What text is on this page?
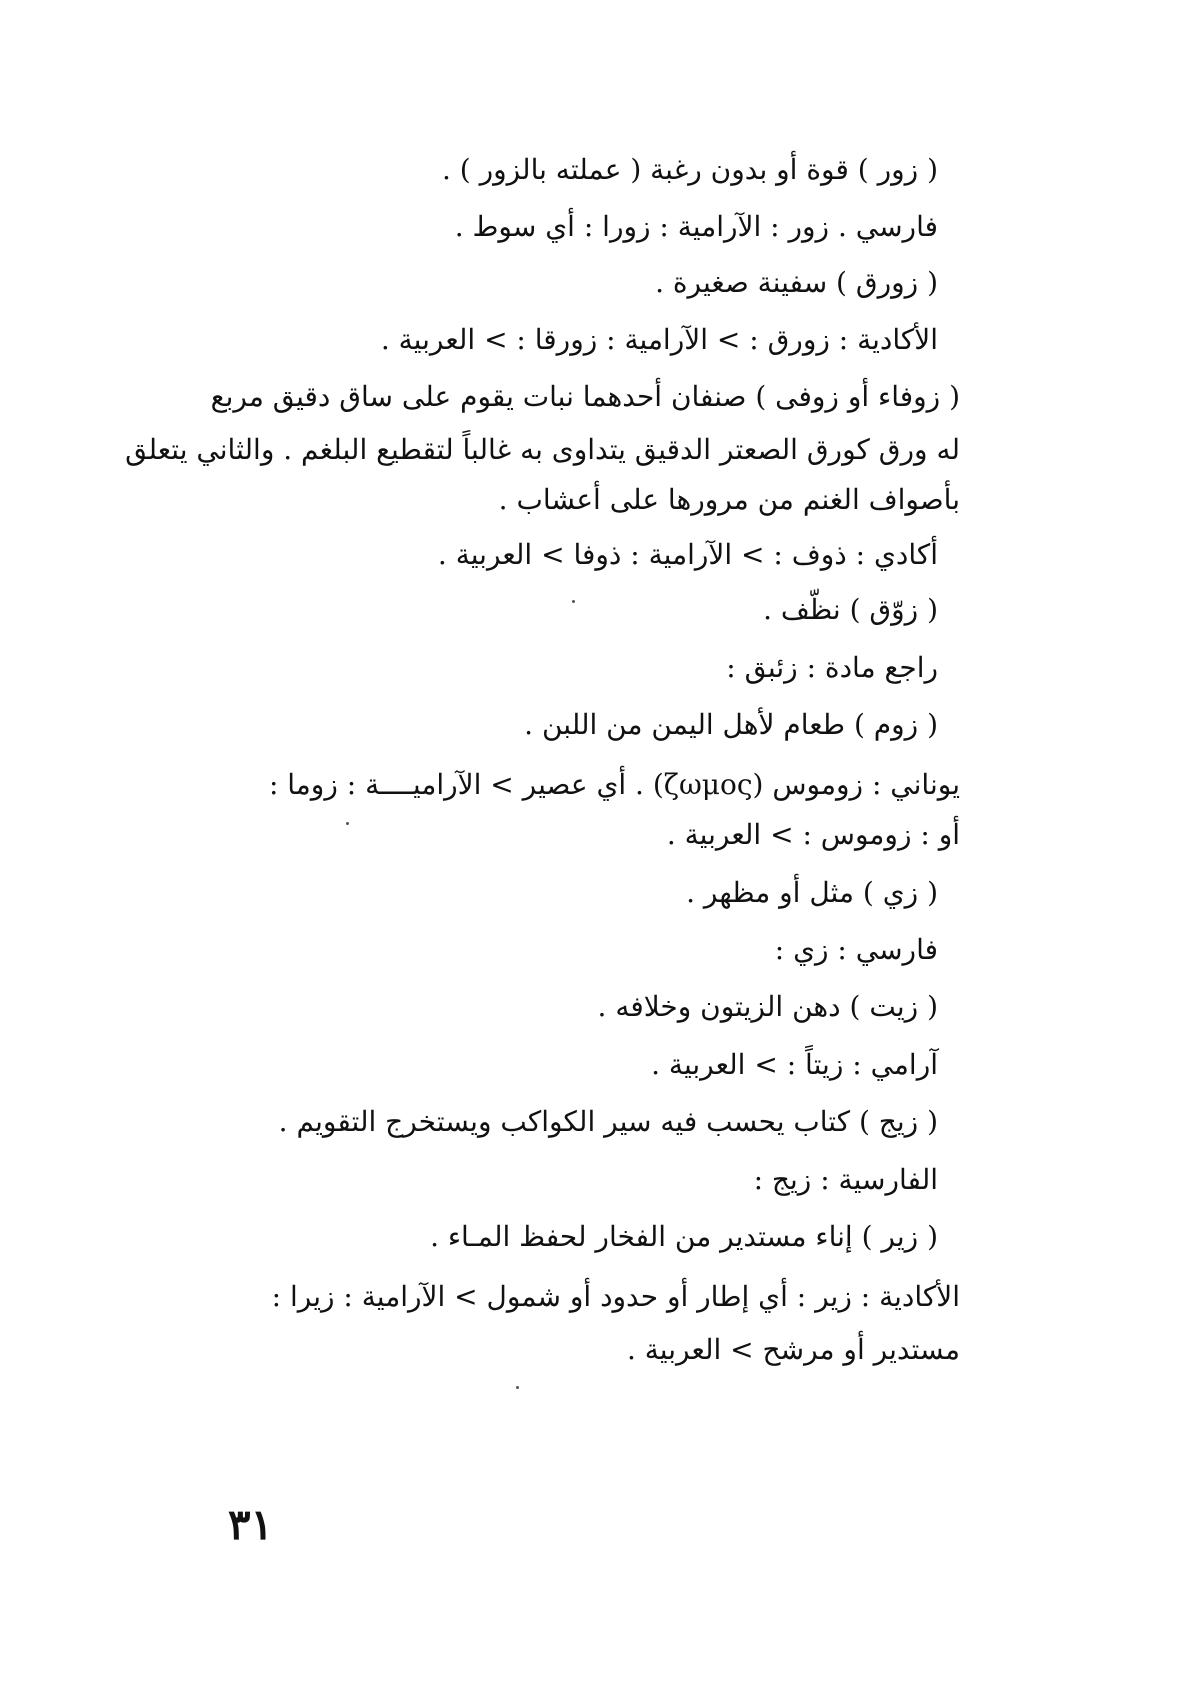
( زور ) قوة أو بدون رغبة ( عملته بالزور ) .
فارسي . زور : الآرامية : زورا : أي سوط .
( زورق ) سفينة صغيرة .
الأكادية : زورق : > الآرامية : زورقا : > العربية .
( زوفاء أو زوفى ) صنفان أحدهما نبات يقوم على ساق دقيق مربع
له ورق كورق الصعتر الدقيق يتداوى به غالباً لتقطيع البلغم . والثاني يتعلق
بأصواف الغنم من مرورها على أعشاب .
أكادي : ذوف : > الآرامية : ذوفا > العربية .
( زوّق ) نظّف .
راجع مادة : زئبق :
( زوم ) طعام لأهل اليمن من اللبن .
يوناني : زوموس (ζωμος) . أي عصير > الآراميــــة : زوما :
أو : زوموس : > العربية .
( زي ) مثل أو مظهر .
فارسي : زي :
( زيت ) دهن الزيتون وخلافه .
آرامي : زيتاً : > العربية .
( زيج ) كتاب يحسب فيه سير الكواكب ويستخرج التقويم .
الفارسية : زيج :
( زير ) إناء مستدير من الفخار لحفظ المـاء .
الأكادية : زير : أي إطار أو حدود أو شمول > الآرامية : زيرا :
مستدير أو مرشح > العربية .
٣١
